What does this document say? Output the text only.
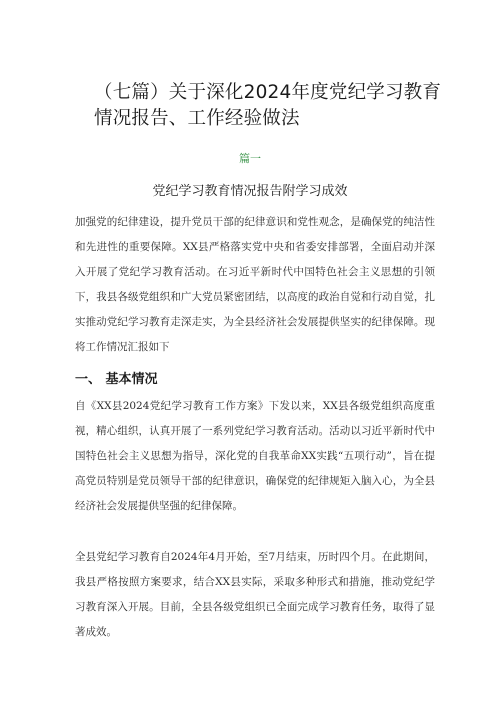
（七篇）关于深化2024年度党纪学习教育情况报告、工作经验做法
篇一
党纪学习教育情况报告附学习成效

加强党的纪律建设，提升党员干部的纪律意识和党性观念，是确保党的纯洁性和先进性的重要保障。XX县严格落实党中央和省委安排部署，全面启动并深入开展了党纪学习教育活动。在习近平新时代中国特色社会主义思想的引领下，我县各级党组织和广大党员紧密团结，以高度的政治自觉和行动自觉，扎实推动党纪学习教育走深走实，为全县经济社会发展提供坚实的纪律保障。现将工作情况汇报如下

一、 基本情况

自《XX县2024党纪学习教育工作方案》下发以来，XX县各级党组织高度重视，精心组织，认真开展了一系列党纪学习教育活动。活动以习近平新时代中国特色社会主义思想为指导，深化党的自我革命XX实践“五项行动”，旨在提高党员特别是党员领导干部的纪律意识，确保党的纪律规矩入脑入心，为全县经济社会发展提供坚强的纪律保障。

全县党纪学习教育自2024年4月开始，至7月结束，历时四个月。在此期间，我县严格按照方案要求，结合XX县实际，采取多种形式和措施，推动党纪学习教育深入开展。目前，全县各级党组织已全面完成学习教育任务，取得了显著成效。
